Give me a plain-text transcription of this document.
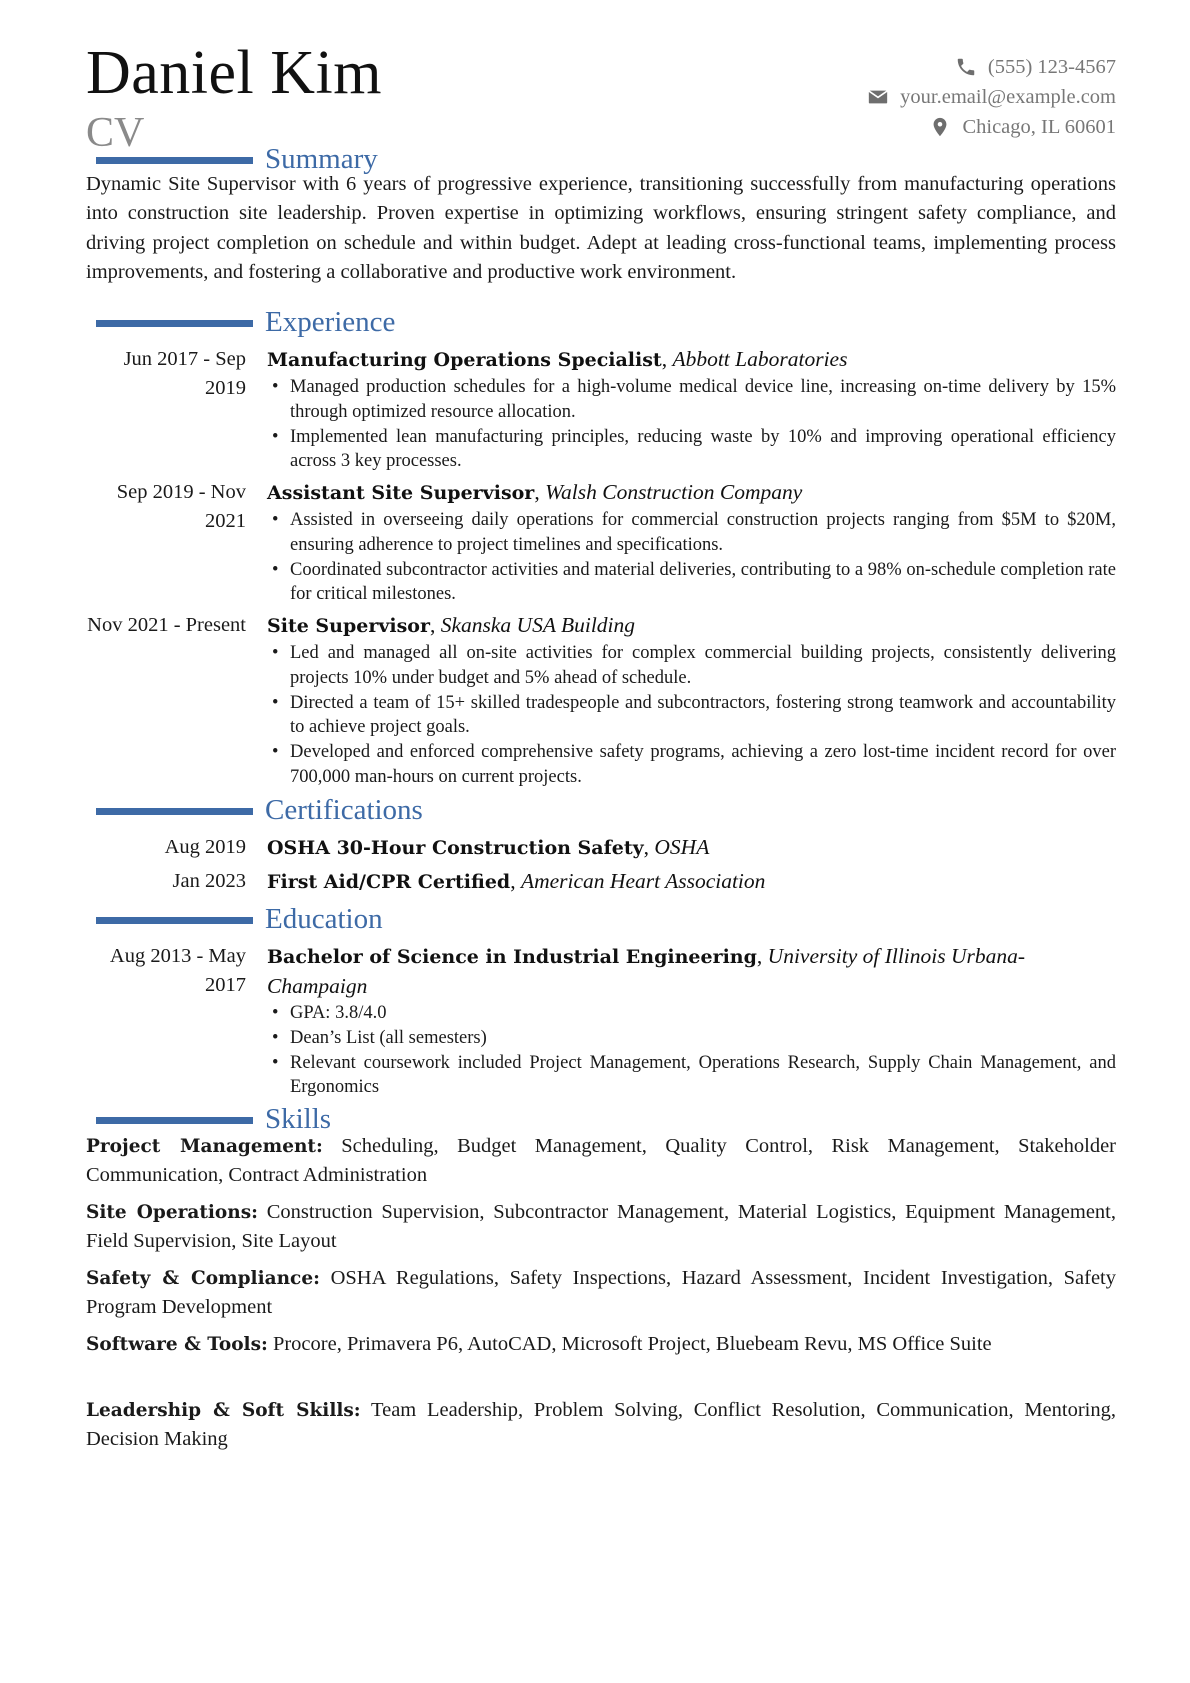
Daniel Kim
CV
(555) 123-4567
your.email@example.com
Chicago, IL 60601
Summary
Dynamic Site Supervisor with 6 years of progressive experience, transitioning successfully from manufacturing operations into construction site leadership. Proven expertise in optimizing workflows, ensuring stringent safety compliance, and driving project completion on schedule and within budget. Adept at leading cross-functional teams, implementing process improvements, and fostering a collaborative and productive work environment.
Experience
Jun 2017 - Sep 2019
Manufacturing Operations Specialist, Abbott Laboratories
• Managed production schedules for a high-volume medical device line, increasing on-time delivery by 15% through optimized resource allocation.
• Implemented lean manufacturing principles, reducing waste by 10% and improving operational efficiency across 3 key processes.
Sep 2019 - Nov 2021
Assistant Site Supervisor, Walsh Construction Company
• Assisted in overseeing daily operations for commercial construction projects ranging from $5M to $20M, ensuring adherence to project timelines and specifications.
• Coordinated subcontractor activities and material deliveries, contributing to a 98% on-schedule completion rate for critical milestones.
Nov 2021 - Present Site Supervisor, Skanska USA Building
• Led and managed all on-site activities for complex commercial building projects, consistently delivering projects 10% under budget and 5% ahead of schedule.
• Directed a team of 15+ skilled tradespeople and subcontractors, fostering strong teamwork and accountability to achieve project goals.
• Developed and enforced comprehensive safety programs, achieving a zero lost-time incident record for over 700,000 man-hours on current projects.
Certifications
Aug 2019 OSHA 30-Hour Construction Safety, OSHA
Jan 2023 First Aid/CPR Certified, American Heart Association
Education
Aug 2013 - May 2017
Bachelor of Science in Industrial Engineering, University of Illinois Urbana-Champaign
• GPA: 3.8/4.0
• Dean’s List (all semesters)
• Relevant coursework included Project Management, Operations Research, Supply Chain Management, and Ergonomics
Skills
Project Management: Scheduling, Budget Management, Quality Control, Risk Management, Stakeholder Communication, Contract Administration
Site Operations: Construction Supervision, Subcontractor Management, Material Logistics, Equipment Management, Field Supervision, Site Layout
Safety & Compliance: OSHA Regulations, Safety Inspections, Hazard Assessment, Incident Investigation, Safety Program Development
Software & Tools: Procore, Primavera P6, AutoCAD, Microsoft Project, Bluebeam Revu, MS Office Suite
Leadership & Soft Skills: Team Leadership, Problem Solving, Conflict Resolution, Communication, Mentoring, Decision Making
